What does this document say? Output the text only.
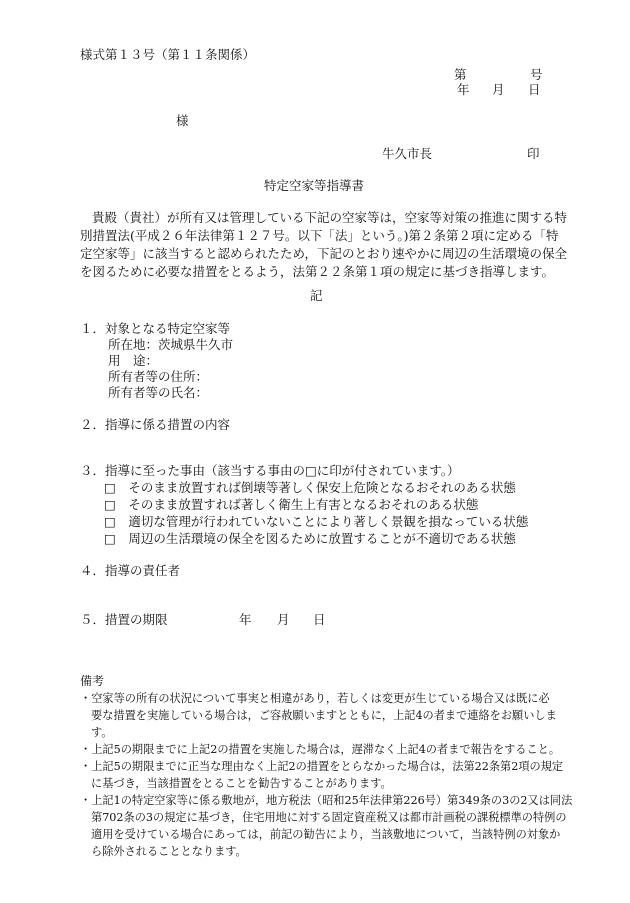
様式第１３号（第１１条関係）
第	号
年 月 日
様
牛久市長	印
特定空家等指導書
貴殿（貴社）が所有又は管理している下記の空家等は，空家等対策の推進に関する特
別措置法(平成２６年法律第１２７号。以下「法」という。)第２条第２項に定める「特
定空家等」に該当すると認められたため，下記のとおり速やかに周辺の生活環境の保全
を図るために必要な措置をとるよう，法第２２条第１項の規定に基づき指導します。
記
１．対象となる特定空家等
所在地：茨城県牛久市
用　途：
所有者等の住所：
所有者等の氏名：
２．指導に係る措置の内容
３．指導に至った事由（該当する事由の□に印が付されています。）
□　 そのまま放置すれば倒壊等著しく保安上危険となるおそれのある状態
□　 そのまま放置すれば著しく衛生上有害となるおそれのある状態
□　 適切な管理が行われていないことにより著しく景観を損なっている状態
□　 周辺の生活環境の保全を図るために放置することが不適切である状態
４．指導の責任者
５．措置の期限	年 月 日
備考
・空家等の所有の状況について事実と相違があり，若しくは変更が生じている場合又は既に必
要な措置を実施している場合は，ご容赦願いますとともに，上記4の者まで連絡をお願いしま
す。
・上記5の期限までに上記2の措置を実施した場合は，遅滞なく上記4の者まで報告をすること。
・上記5の期限までに正当な理由なく上記2の措置をとらなかった場合は，法第22条第2項の規定
に基づき，当該措置をとることを勧告することがあります。
・上記1の特定空家等に係る敷地が，地方税法（昭和25年法律第226号）第349条の3の2又は同法
第702条の3の規定に基づき，住宅用地に対する固定資産税又は都市計画税の課税標準の特例の
適用を受けている場合にあっては，前記の勧告により，当該敷地について，当該特例の対象か
ら除外されることとなります。
